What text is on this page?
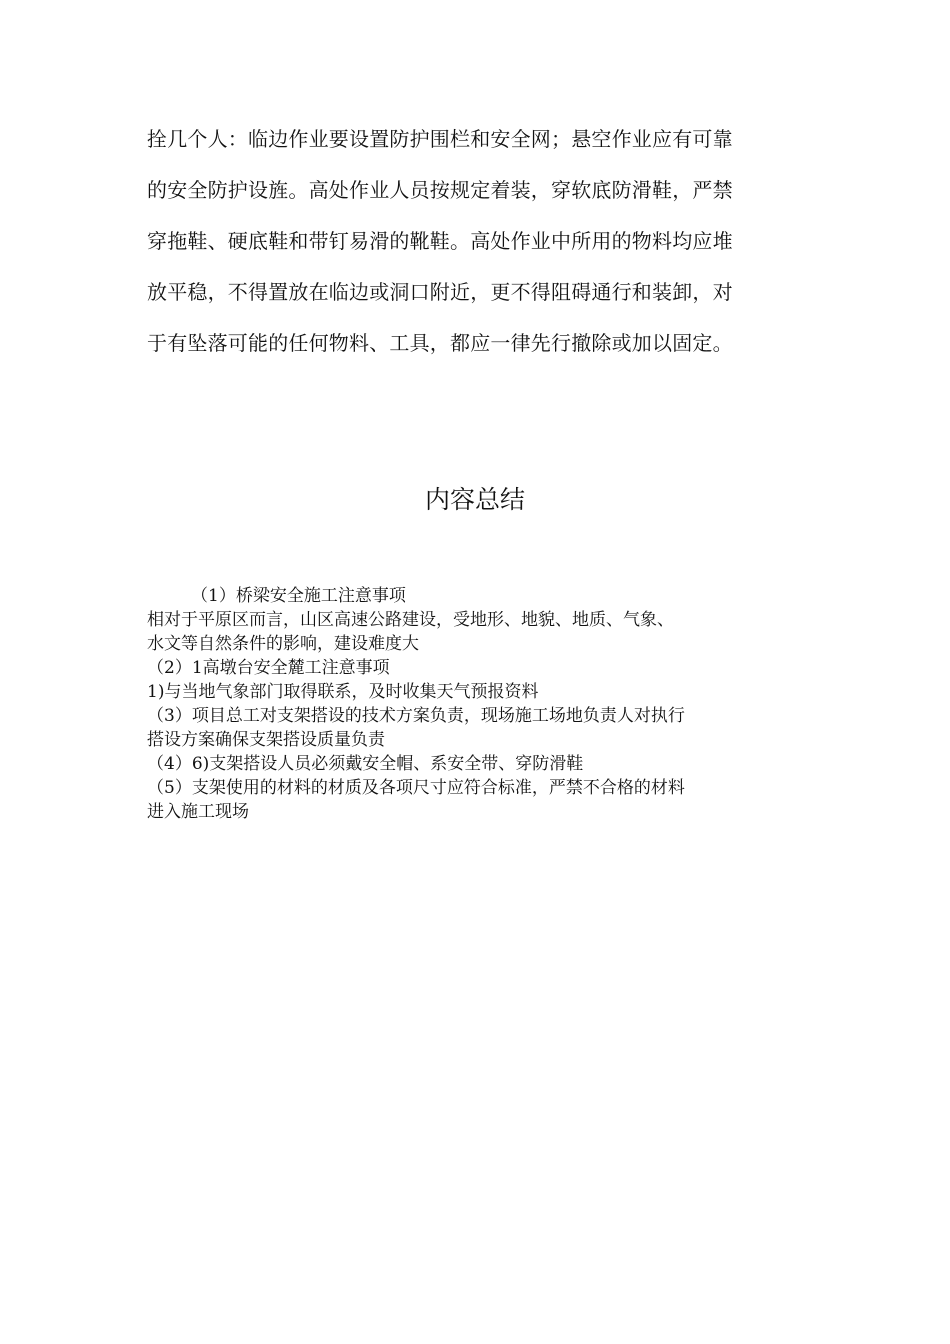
拴几个人：临边作业要设置防护围栏和安全网；悬空作业应有可靠
的安全防护设旌。高处作业人员按规定着装，穿软底防滑鞋，严禁
穿拖鞋、硬底鞋和带钉易滑的靴鞋。高处作业中所用的物料均应堆
放平稳，不得置放在临边或洞口附近，更不得阻碍通行和装卸，对
于有坠落可能的任何物料、工具，都应一律先行撤除或加以固定。
内容总结
（1）桥梁安全施工注意事项
相对于平原区而言，山区高速公路建设，受地形、地貌、地质、气象、
水文等自然条件的影响，建设难度大
（2）1高墩台安全麓工注意事项
1)与当地气象部门取得联系，及时收集天气预报资料
（3）项目总工对支架搭设的技术方案负责，现场施工场地负责人对执行
搭设方案确保支架搭设质量负责
（4）6)支架搭设人员必须戴安全帽、系安全带、穿防滑鞋
（5）支架使用的材料的材质及各项尺寸应符合标准，严禁不合格的材料
进入施工现场
